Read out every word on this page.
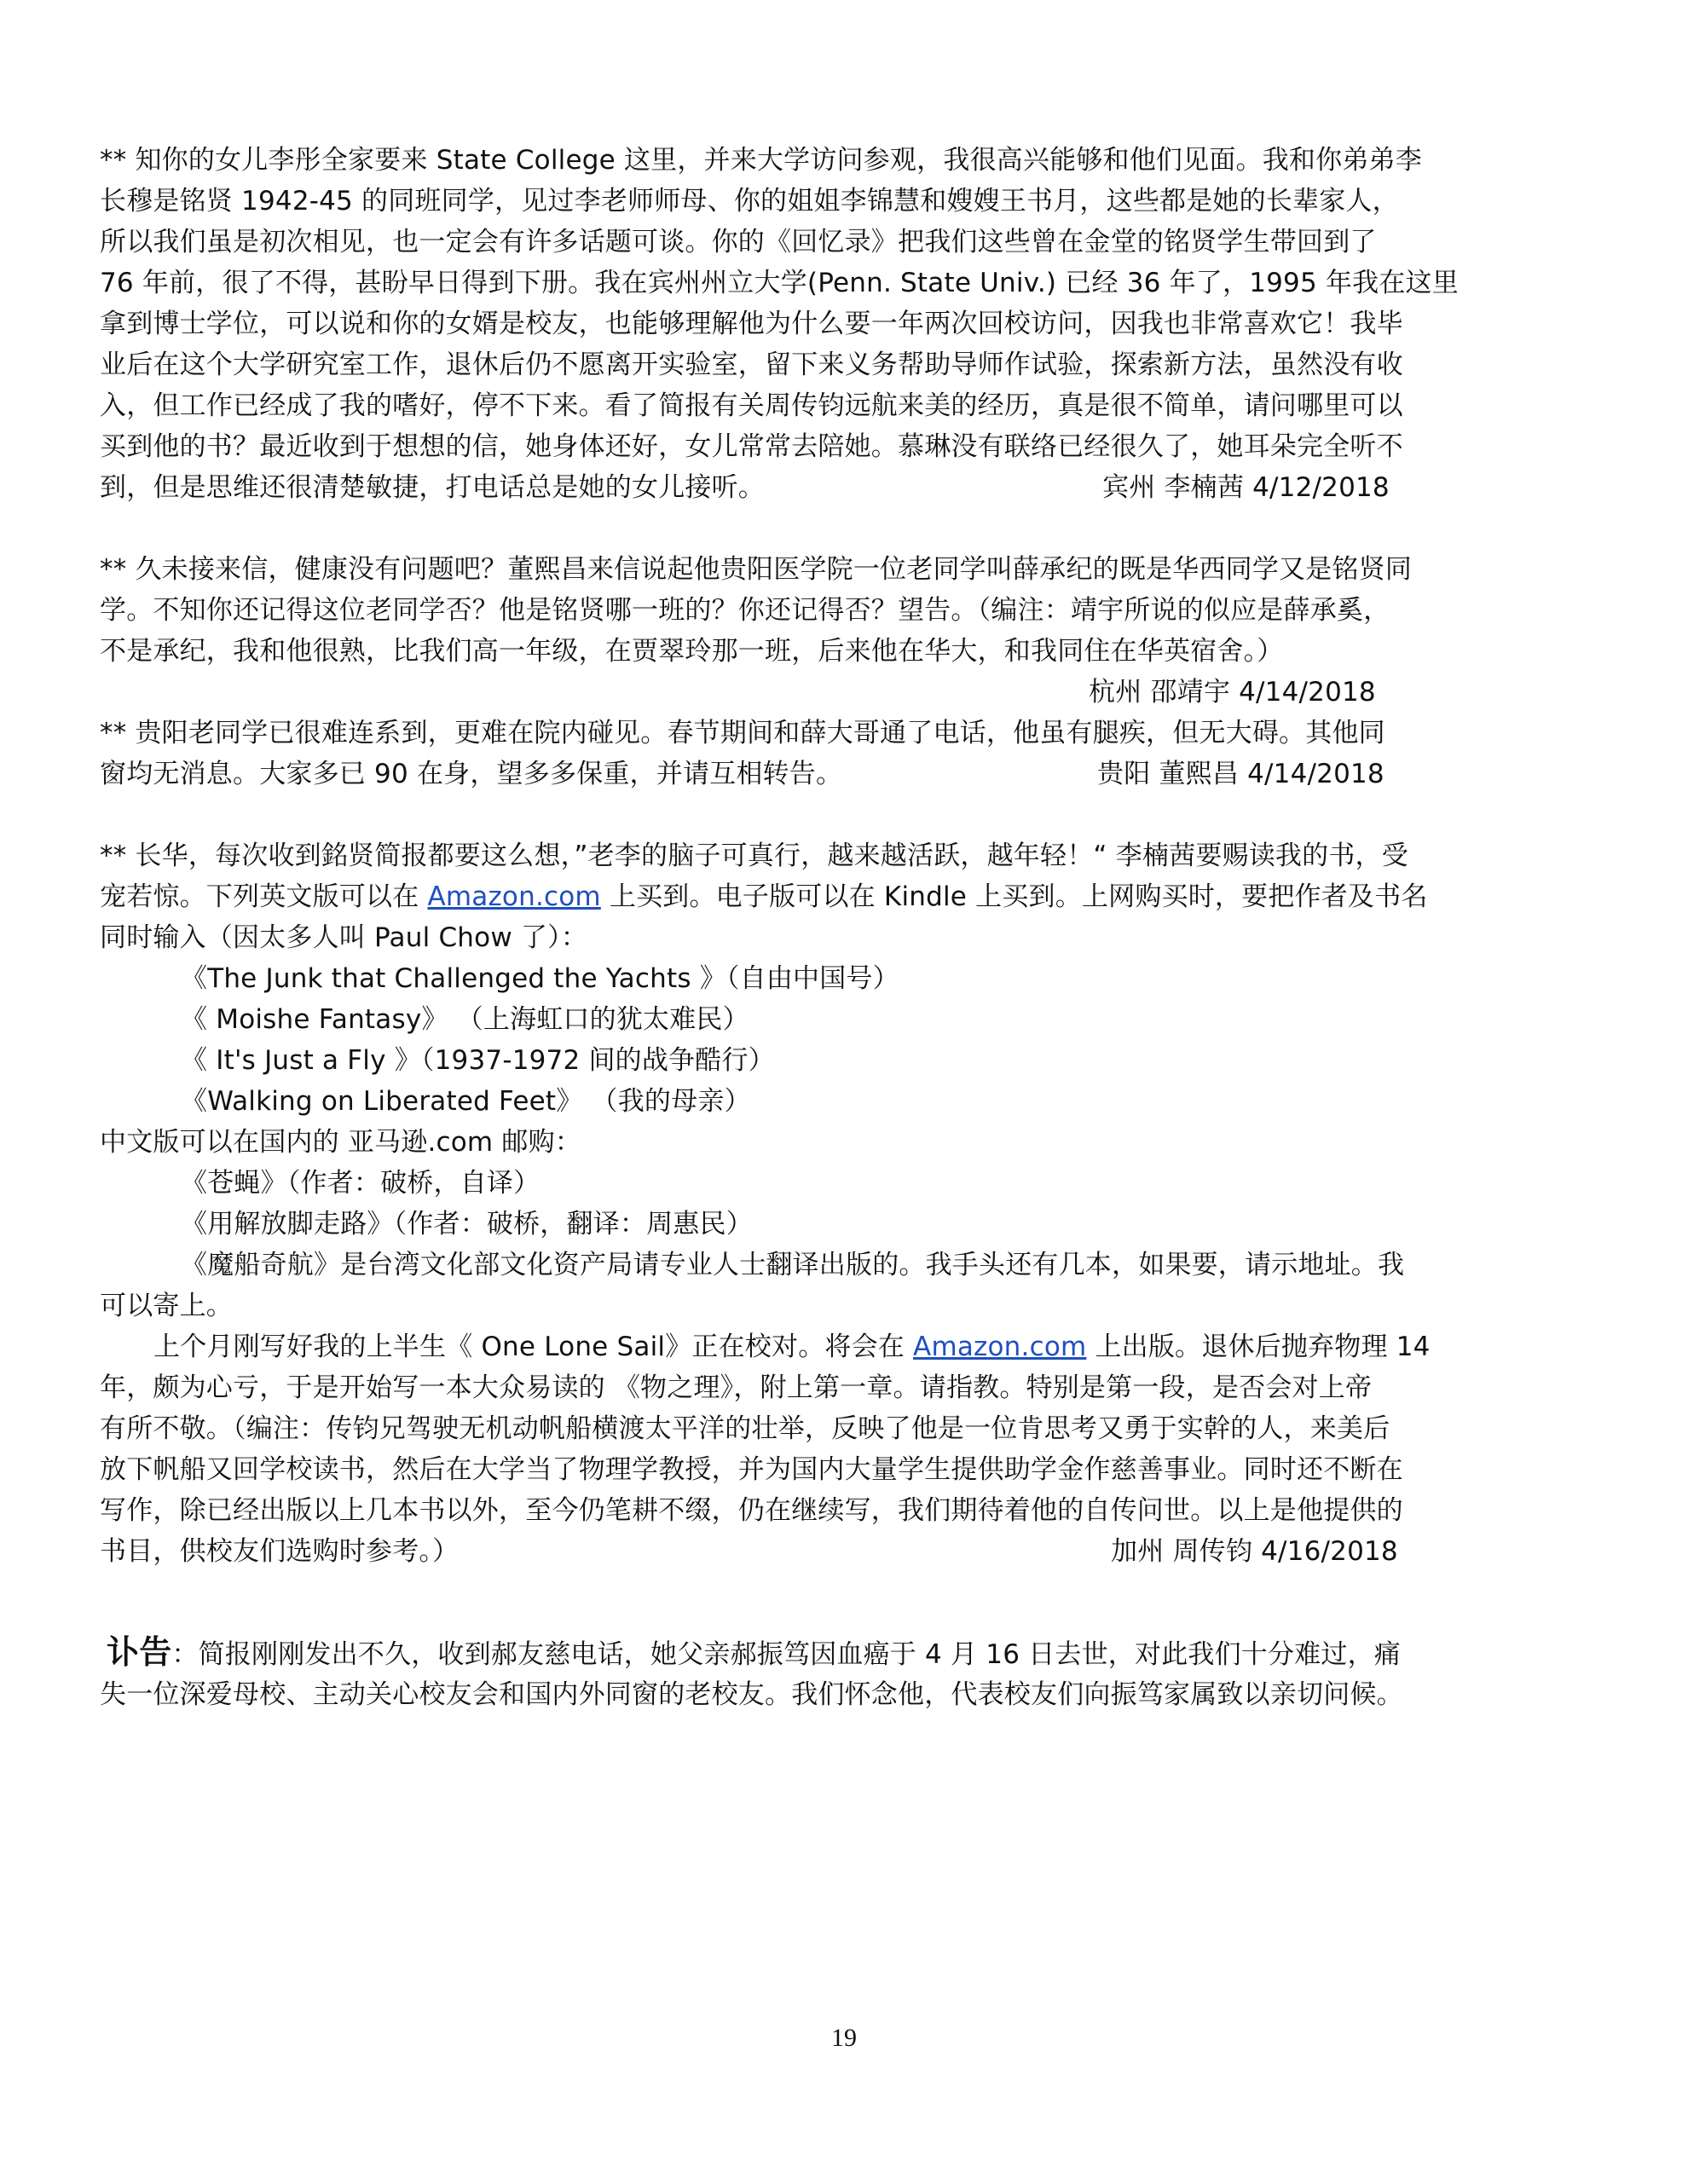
** 知你的女儿李彤全家要来 State College 这里，并来大学访问参观，我很高兴能够和他们见面。我和你弟弟李
长穆是铭贤 1942-45 的同班同学，见过李老师师母、你的姐姐李锦慧和嫂嫂王书月，这些都是她的长辈家人，
所以我们虽是初次相见，也一定会有许多话题可谈。你的《回忆录》把我们这些曾在金堂的铭贤学生带回到了
76 年前，很了不得，甚盼早日得到下册。我在宾州州立大学(Penn. State Univ.) 已经 36 年了，1995 年我在这里
拿到博士学位，可以说和你的女婿是校友，也能够理解他为什么要一年两次回校访问，因我也非常喜欢它！我毕
业后在这个大学研究室工作，退休后仍不愿离开实验室，留下来义务帮助导师作试验，探索新方法，虽然没有收
入，但工作已经成了我的嗜好，停不下来。看了简报有关周传钧远航来美的经历，真是很不简单，请问哪里可以
买到他的书？最近收到于想想的信，她身体还好，女儿常常去陪她。慕琳没有联络已经很久了，她耳朵完全听不
到，但是思维还很清楚敏捷，打电话总是她的女儿接听。	宾州 李楠茜 4/12/2018
** 久未接来信，健康没有问题吧？董熙昌来信说起他贵阳医学院一位老同学叫薛承纪的既是华西同学又是铭贤同
学。不知你还记得这位老同学否？他是铭贤哪一班的？你还记得否？望告。（编注：靖宇所说的似应是薛承奚，
不是承纪，我和他很熟，比我们高一年级，在贾翠玲那一班，后来他在华大，和我同住在华英宿舍。）
杭州 邵靖宇 4/14/2018
** 贵阳老同学已很难连系到，更难在院内碰见。春节期间和薛大哥通了电话，他虽有腿疾，但无大碍。其他同
窗均无消息。大家多已 90 在身，望多多保重，并请互相转告。	贵阳 董熙昌 4/14/2018
** 长华，每次收到銘贤简报都要这么想，”老李的脑子可真行，越来越活跃，越年轻！“ 李楠茜要赐读我的书，受
宠若惊。下列英文版可以在 Amazon.com 上买到。电子版可以在 Kindle 上买到。上网购买时，要把作者及书名
同时输入（因太多人叫 Paul Chow 了）：
《The Junk that Challenged the Yachts 》（自由中国号）
《 Moishe Fantasy》 （上海虹口的犹太难民）
《 It's Just a Fly 》（1937-1972 间的战争酷行）
《Walking on Liberated Feet》 （我的母亲）
中文版可以在国内的 亚马逊.com 邮购：
《苍蝇》（作者：破桥，自译）
《用解放脚走路》（作者：破桥，翻译：周惠民）
《魔船奇航》是台湾文化部文化资产局请专业人士翻译出版的。我手头还有几本，如果要，请示地址。我
可以寄上。
上个月刚写好我的上半生《 One Lone Sail》正在校对。将会在 Amazon.com 上出版。退休后抛弃物理 14
年，颇为心亏，于是开始写一本大众易读的 《物之理》，附上第一章。请指教。特别是第一段，是否会对上帝
有所不敬。（编注：传钧兄驾驶无机动帆船横渡太平洋的壮举，反映了他是一位肯思考又勇于实幹的人，来美后
放下帆船又回学校读书，然后在大学当了物理学教授，并为国内大量学生提供助学金作慈善事业。同时还不断在
写作，除已经出版以上几本书以外，至今仍笔耕不缀，仍在继续写，我们期待着他的自传问世。以上是他提供的
书目，供校友们选购时参考。）	加州 周传钧 4/16/2018
讣告：简报刚刚发出不久，收到郝友慈电话，她父亲郝振笃因血癌于 4 月 16 日去世，对此我们十分难过，痛
失一位深爱母校、主动关心校友会和国内外同窗的老校友。我们怀念他，代表校友们向振笃家属致以亲切问候。
19
